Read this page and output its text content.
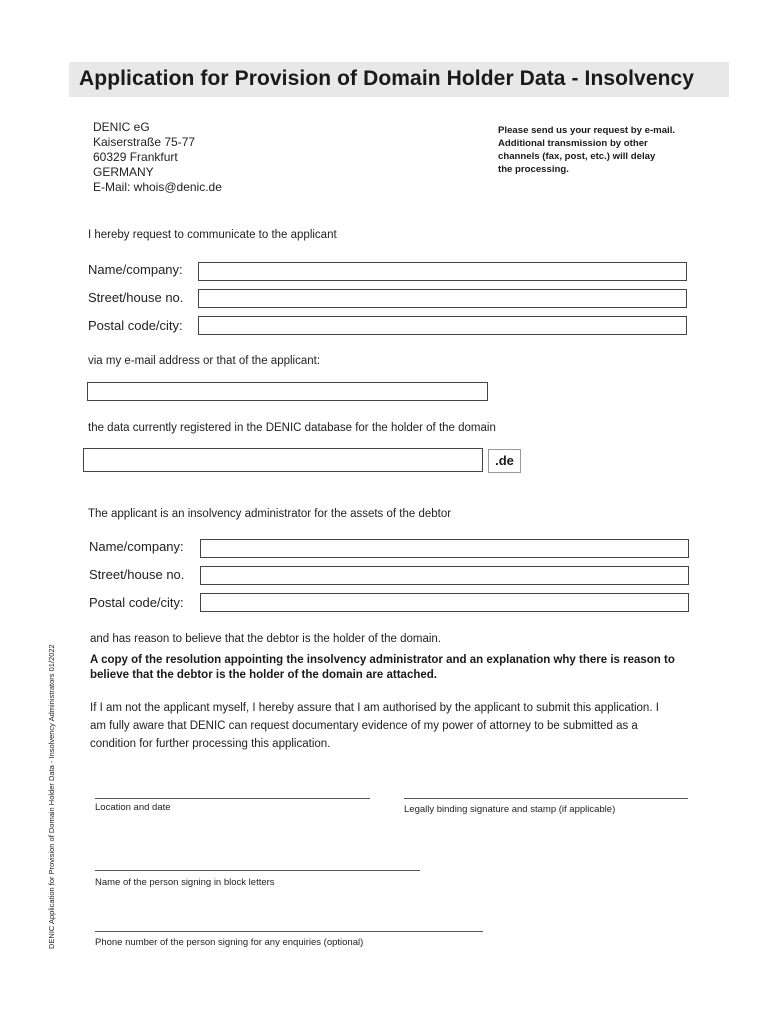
Application for Provision of Domain Holder Data - Insolvency
DENIC eG
Kaiserstraße 75-77
60329 Frankfurt
GERMANY
E-Mail: whois@denic.de
Please send us your request by e-mail.
Additional transmission by other
channels (fax, post, etc.) will delay
the processing.
I hereby request to communicate to the applicant
Name/company:
Street/house no.
Postal code/city:
via my e-mail address or that of the applicant:
the data currently registered in the DENIC database for the holder of the domain
.de
The applicant is an insolvency administrator for the assets of the debtor
Name/company:
Street/house no.
Postal code/city:
and has reason to believe that the debtor is the holder of the domain.
A copy of the resolution appointing the insolvency administrator and an explanation why there is reason to
believe that the debtor is the holder of the domain are attached.
If I am not the applicant myself, I hereby assure that I am authorised by the applicant to submit this application. I
am fully aware that DENIC can request documentary evidence of my power of attorney to be submitted as a
condition for further processing this application.
Location and date	Legally binding signature and stamp (if applicable)
Name of the person signing in block letters
Phone number of the person signing for any enquiries (optional)
DENIC Application for Provision of Domain Holder Data - Insolvency Administrators 01/2022
